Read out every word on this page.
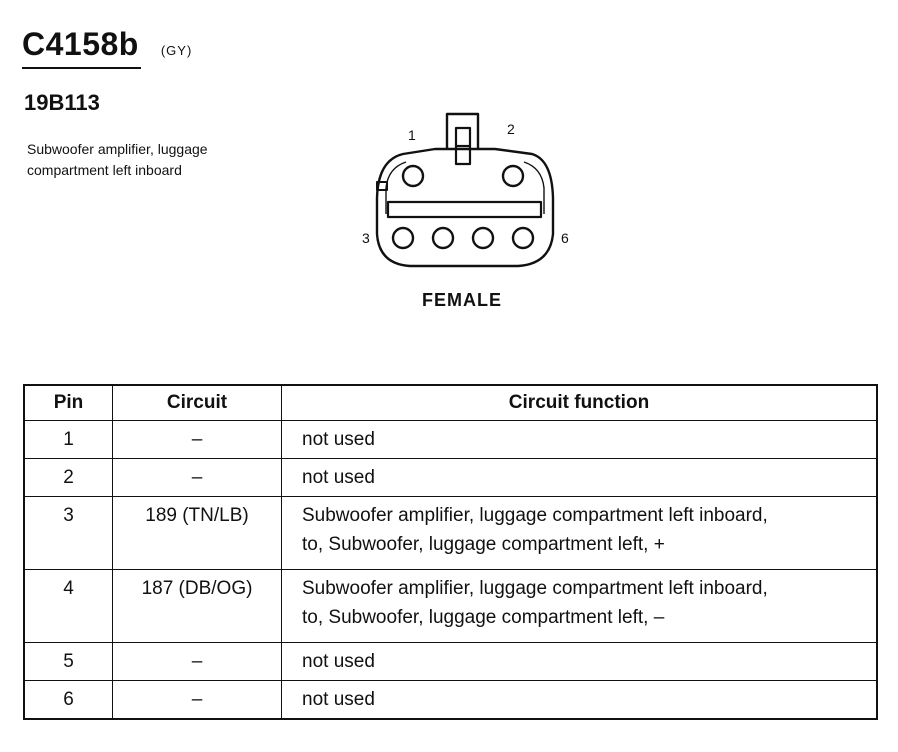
C4158b (GY)
19B113
Subwoofer amplifier, luggage
compartment left inboard
1	2
3	6
FEMALE
Pin	Circuit	Circuit function
1	–	not used

2	–	not used

3	189 (TN/LB)	Subwoofer amplifier, luggage compartment left inboard,
to, Subwoofer, luggage compartment left, +

4	187 (DB/OG)	Subwoofer amplifier, luggage compartment left inboard,
to, Subwoofer, luggage compartment left, –

5	–	not used

6	–	not used
